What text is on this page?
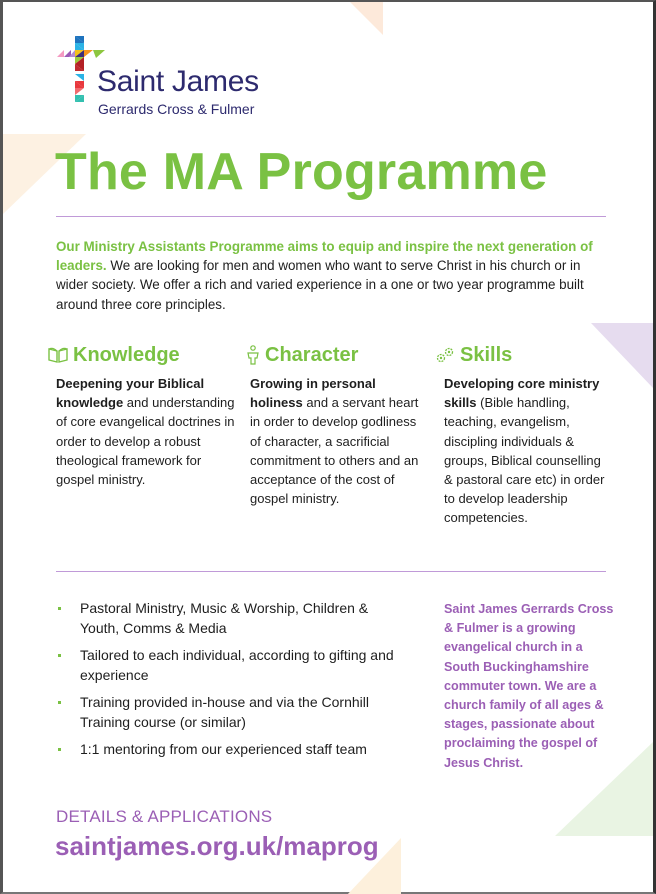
Saint James
Gerrards Cross & Fulmer
The MA Programme

Our Ministry Assistants Programme aims to equip and inspire the next generation of leaders. We are looking for men and women who want to serve Christ in his church or in wider society. We offer a rich and varied experience in a one or two year programme built around three core principles.

Knowledge

Deepening your Biblical knowledge and understanding of core evangelical doctrines in order to develop a robust theological framework for gospel ministry.

Character

Growing in personal holiness and a servant heart in order to develop godliness of character, a sacrificial commitment to others and an acceptance of the cost of gospel ministry.

Skills

Developing core ministry skills (Bible handling, teaching, evangelism, discipling individuals & groups, Biblical counselling & pastoral care etc) in order to develop leadership competencies.

Pastoral Ministry, Music & Worship, Children & Youth, Comms & Media
Tailored to each individual, according to gifting and experience
Training provided in-house and via the Cornhill Training course (or similar)
1:1 mentoring from our experienced staff team

Saint James Gerrards Cross & Fulmer is a growing evangelical church in a South Buckinghamshire commuter town. We are a church family of all ages & stages, passionate about proclaiming the gospel of Jesus Christ.

DETAILS & APPLICATIONS
saintjames.org.uk/maprog
